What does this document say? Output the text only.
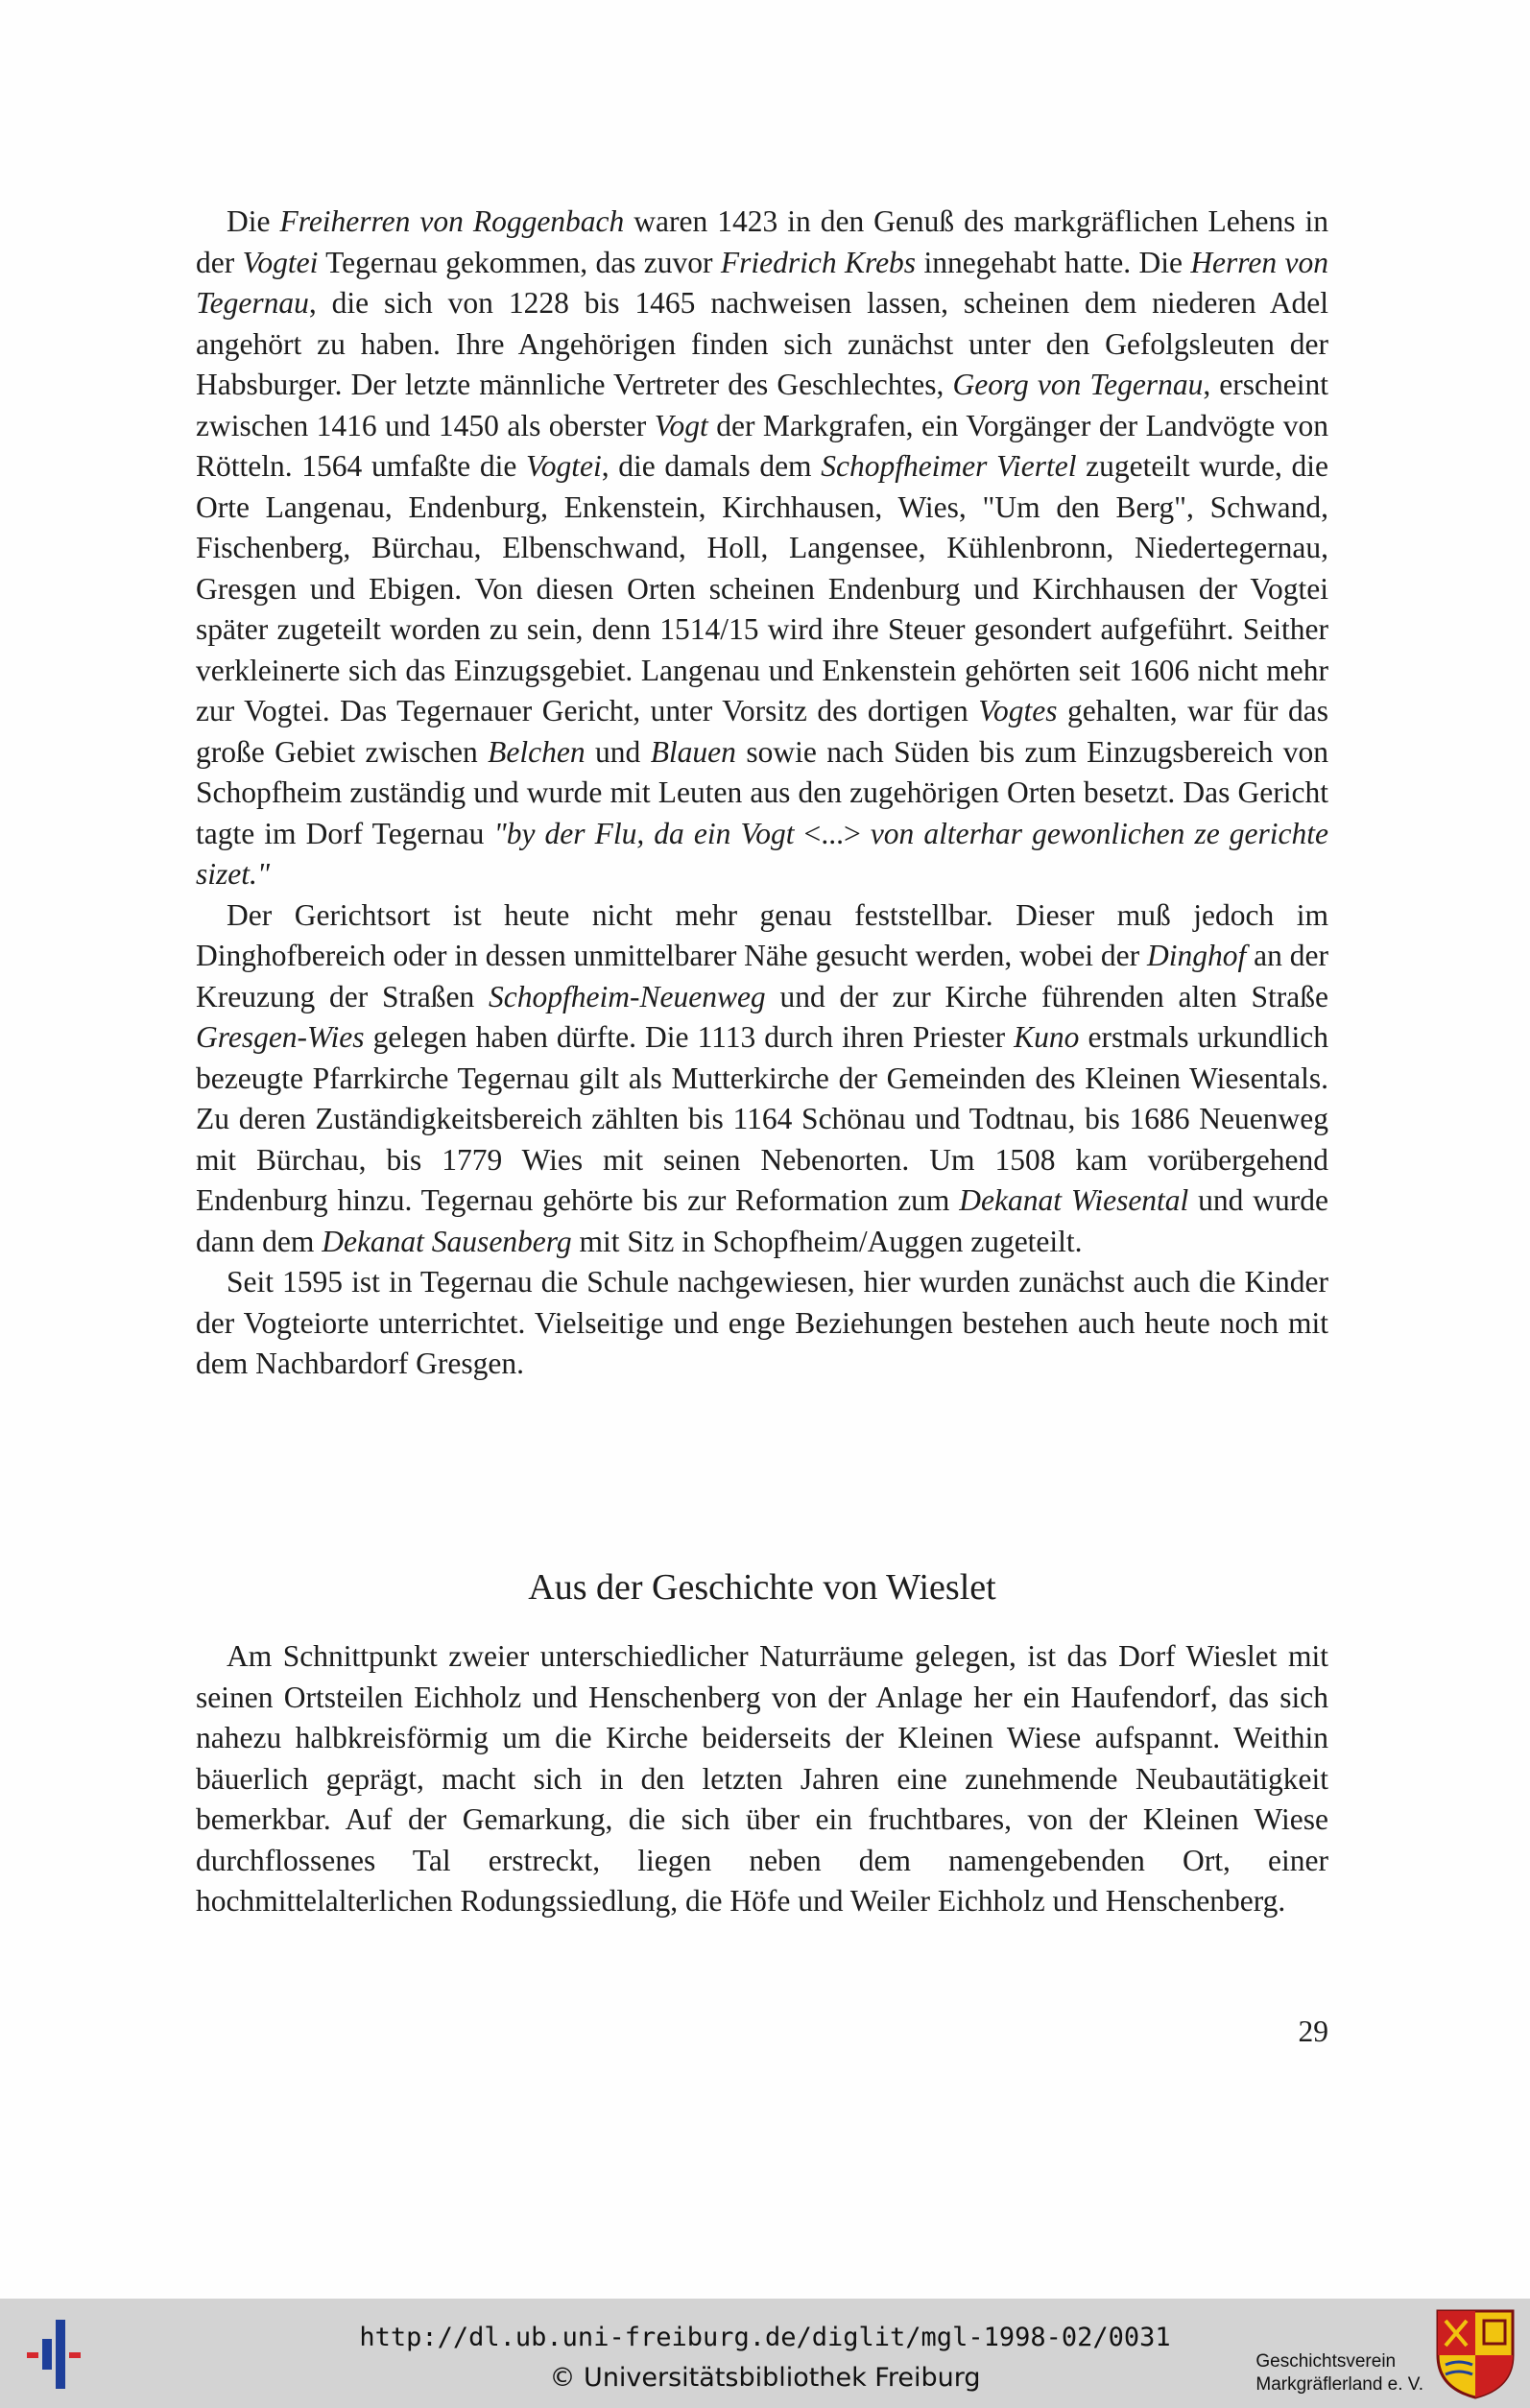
Die Freiherren von Roggenbach waren 1423 in den Genuß des markgräflichen Lehens in der Vogtei Tegernau gekommen, das zuvor Friedrich Krebs innegehabt hatte. Die Herren von Tegernau, die sich von 1228 bis 1465 nachweisen lassen, scheinen dem niederen Adel angehört zu haben. Ihre Angehörigen finden sich zunächst unter den Gefolgsleuten der Habsburger. Der letzte männliche Vertreter des Geschlechtes, Georg von Tegernau, erscheint zwischen 1416 und 1450 als oberster Vogt der Markgrafen, ein Vorgänger der Landvögte von Rötteln. 1564 umfaßte die Vogtei, die damals dem Schopfheimer Viertel zugeteilt wurde, die Orte Langenau, Endenburg, Enkenstein, Kirchhausen, Wies, "Um den Berg", Schwand, Fischenberg, Bürchau, Elbenschwand, Holl, Langensee, Kühlenbronn, Niedertegernau, Gresgen und Ebigen. Von diesen Orten scheinen Endenburg und Kirchhausen der Vogtei später zugeteilt worden zu sein, denn 1514/15 wird ihre Steuer gesondert aufgeführt. Seither verkleinerte sich das Einzugsgebiet. Langenau und Enkenstein gehörten seit 1606 nicht mehr zur Vogtei. Das Tegernauer Gericht, unter Vorsitz des dortigen Vogtes gehalten, war für das große Gebiet zwischen Belchen und Blauen sowie nach Süden bis zum Einzugsbereich von Schopfheim zuständig und wurde mit Leuten aus den zugehörigen Orten besetzt. Das Gericht tagte im Dorf Tegernau "by der Flu, da ein Vogt <...> von alterhar gewonlichen ze gerichte sizet."

Der Gerichtsort ist heute nicht mehr genau feststellbar. Dieser muß jedoch im Dinghofbereich oder in dessen unmittelbarer Nähe gesucht werden, wobei der Dinghof an der Kreuzung der Straßen Schopfheim-Neuenweg und der zur Kirche führenden alten Straße Gresgen-Wies gelegen haben dürfte. Die 1113 durch ihren Priester Kuno erstmals urkundlich bezeugte Pfarrkirche Tegernau gilt als Mutterkirche der Gemeinden des Kleinen Wiesentals. Zu deren Zuständigkeitsbereich zählten bis 1164 Schönau und Todtnau, bis 1686 Neuenweg mit Bürchau, bis 1779 Wies mit seinen Nebenorten. Um 1508 kam vorübergehend Endenburg hinzu. Tegernau gehörte bis zur Reformation zum Dekanat Wiesental und wurde dann dem Dekanat Sausenberg mit Sitz in Schopfheim/Auggen zugeteilt.

Seit 1595 ist in Tegernau die Schule nachgewiesen, hier wurden zunächst auch die Kinder der Vogteiorte unterrichtet. Vielseitige und enge Beziehungen bestehen auch heute noch mit dem Nachbardorf Gresgen.

Aus der Geschichte von Wieslet

Am Schnittpunkt zweier unterschiedlicher Naturräume gelegen, ist das Dorf Wieslet mit seinen Ortsteilen Eichholz und Henschenberg von der Anlage her ein Haufendorf, das sich nahezu halbkreisförmig um die Kirche beiderseits der Kleinen Wiese aufspannt. Weithin bäuerlich geprägt, macht sich in den letzten Jahren eine zunehmende Neubautätigkeit bemerkbar. Auf der Gemarkung, die sich über ein fruchtbares, von der Kleinen Wiese durchflossenes Tal erstreckt, liegen neben dem namengebenden Ort, einer hochmittelalterlichen Rodungssiedlung, die Höfe und Weiler Eichholz und Henschenberg.

29
http://dl.ub.uni-freiburg.de/diglit/mgl-1998-02/0031
© Universitätsbibliothek Freiburg
Geschichtsverein
Markgräflerland e. V.
